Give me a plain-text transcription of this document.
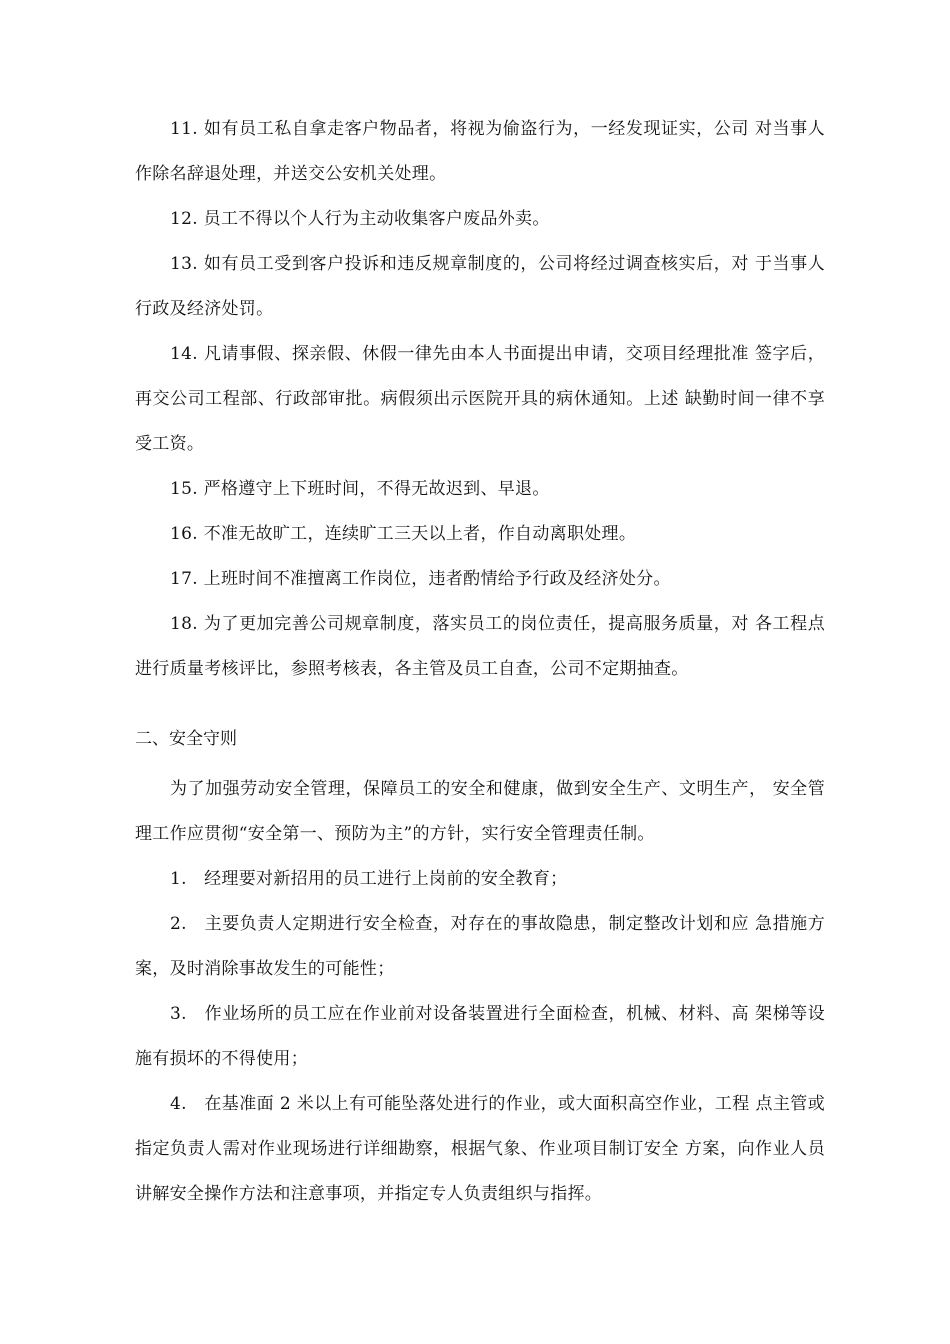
11. 如有员工私自拿走客户物品者，将视为偷盗行为，一经发现证实，公司 对当事人作除名辞退处理，并送交公安机关处理。

12. 员工不得以个人行为主动收集客户废品外卖。

13. 如有员工受到客户投诉和违反规章制度的，公司将经过调查核实后，对 于当事人行政及经济处罚。

14. 凡请事假、探亲假、休假一律先由本人书面提出申请，交项目经理批准 签字后，再交公司工程部、行政部审批。病假须出示医院开具的病休通知。上述 缺勤时间一律不享受工资。

15. 严格遵守上下班时间，不得无故迟到、早退。

16. 不准无故旷工，连续旷工三天以上者，作自动离职处理。

17. 上班时间不准擅离工作岗位，违者酌情给予行政及经济处分。

18. 为了更加完善公司规章制度，落实员工的岗位责任，提高服务质量，对 各工程点进行质量考核评比，参照考核表，各主管及员工自查，公司不定期抽查。

二、安全守则

为了加强劳动安全管理，保障员工的安全和健康，做到安全生产、文明生产， 安全管理工作应贯彻“安全第一、预防为主”的方针，实行安全管理责任制。

1.　经理要对新招用的员工进行上岗前的安全教育；

2.　主要负责人定期进行安全检查，对存在的事故隐患，制定整改计划和应 急措施方案，及时消除事故发生的可能性；

3.　作业场所的员工应在作业前对设备装置进行全面检查，机械、材料、高 架梯等设施有损坏的不得使用；

4.　在基准面 2 米以上有可能坠落处进行的作业，或大面积高空作业，工程 点主管或指定负责人需对作业现场进行详细勘察，根据气象、作业项目制订安全 方案，向作业人员讲解安全操作方法和注意事项，并指定专人负责组织与指挥。
